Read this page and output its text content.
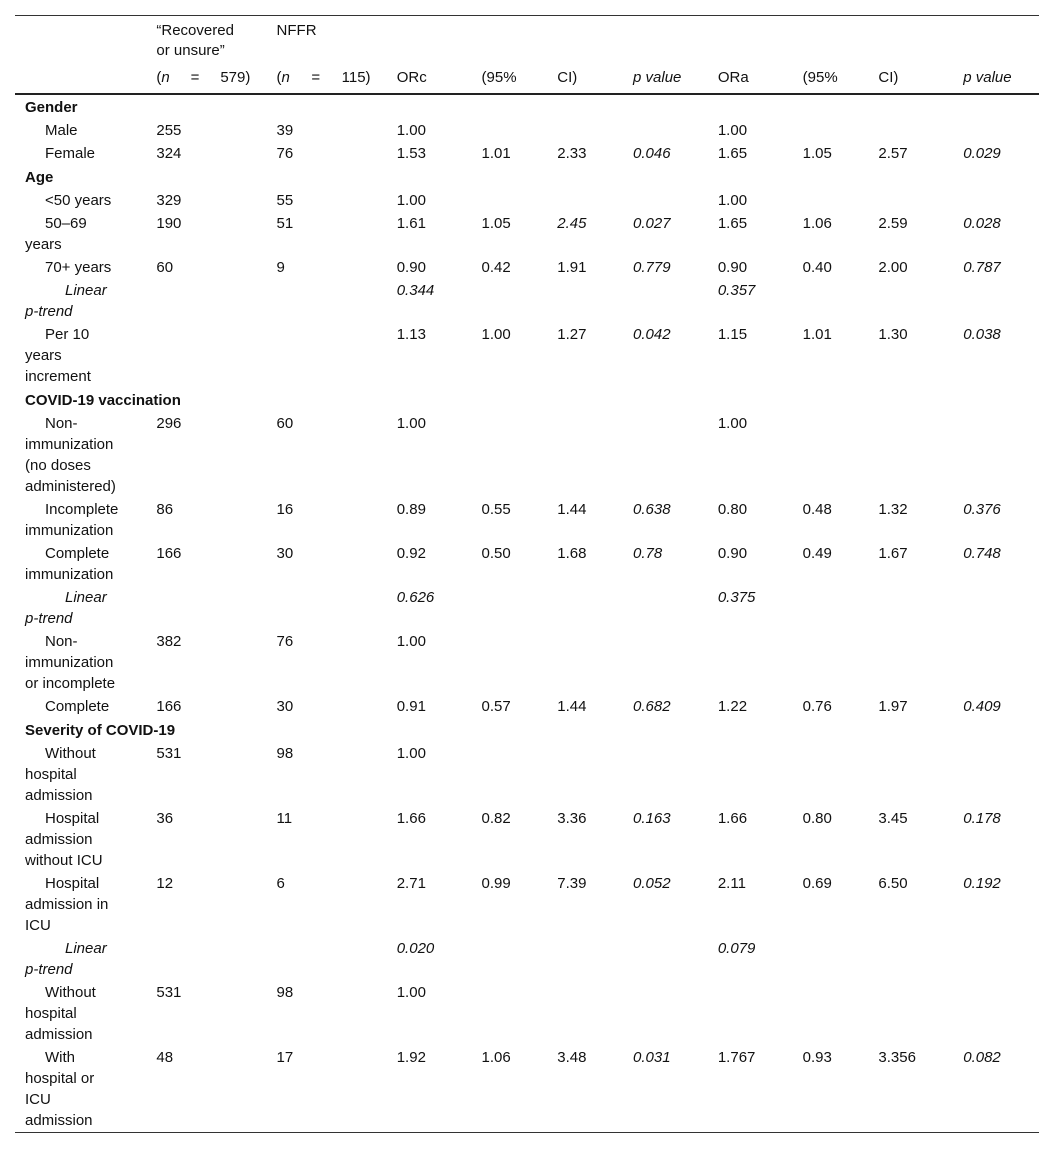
	“Recovered
or unsure”	NFFR								

	(n = 579)	(n = 115)	ORc	(95%	CI)	p value	ORa	(95%	CI)	p value
Gender										

Male	255	39	1.00				1.00			

Female	324	76	1.53	1.01	2.33	0.046	1.65	1.05	2.57	0.029
Age										

<50 years	329	55	1.00				1.00			

50–69
years	190	51	1.61	1.05	2.45	0.027	1.65	1.06	2.59	0.028

70+ years	60	9	0.90	0.42	1.91	0.779	0.90	0.40	2.00	0.787

Linear
p-trend			0.344				0.357			

Per 10
years
increment			1.13	1.00	1.27	0.042	1.15	1.01	1.30	0.038
COVID-19 vaccination										

Non-
immunization
(no doses
administered)	296	60	1.00				1.00			

Incomplete
immunization	86	16	0.89	0.55	1.44	0.638	0.80	0.48	1.32	0.376

Complete
immunization	166	30	0.92	0.50	1.68	0.78	0.90	0.49	1.67	0.748

Linear
p-trend			0.626				0.375			

Non-
immunization
or incomplete	382	76	1.00							

Complete	166	30	0.91	0.57	1.44	0.682	1.22	0.76	1.97	0.409
Severity of COVID-19										

Without
hospital
admission	531	98	1.00							

Hospital
admission
without ICU	36	11	1.66	0.82	3.36	0.163	1.66	0.80	3.45	0.178

Hospital
admission in
ICU	12	6	2.71	0.99	7.39	0.052	2.11	0.69	6.50	0.192

Linear
p-trend			0.020				0.079			

Without
hospital
admission	531	98	1.00							

With
hospital or
ICU
admission	48	17	1.92	1.06	3.48	0.031	1.767	0.93	3.356	0.082
